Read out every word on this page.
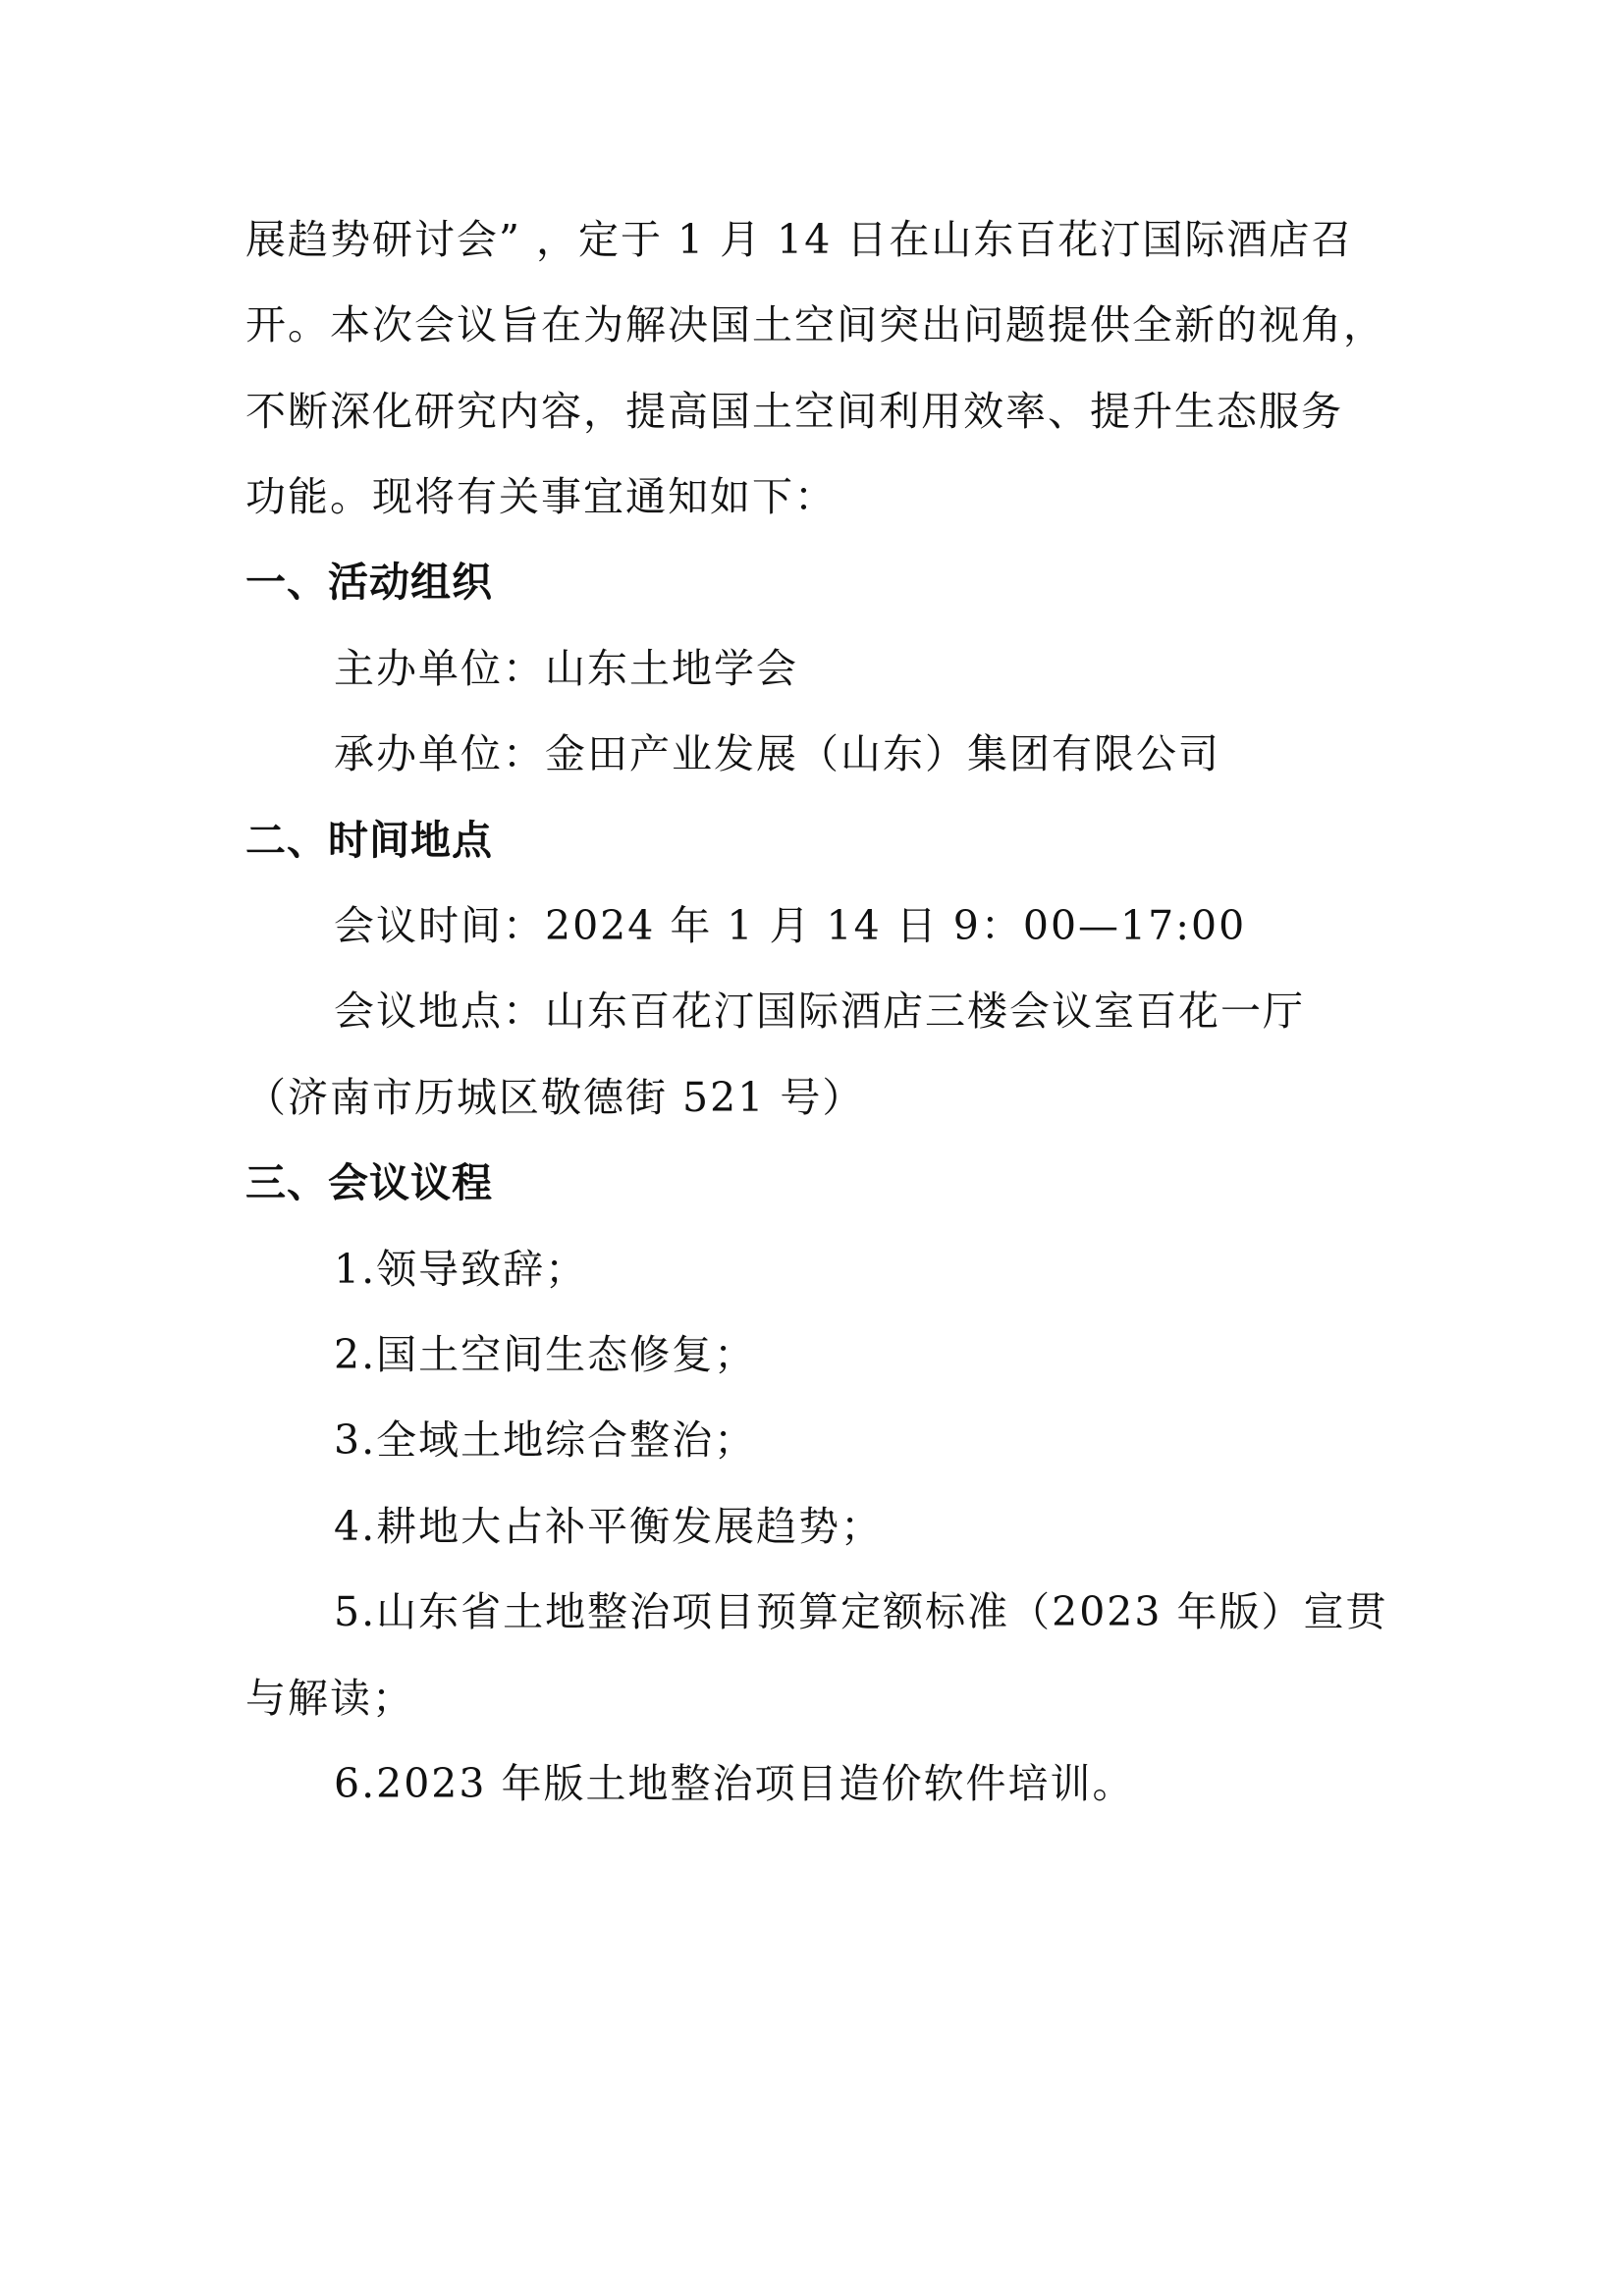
展趋势研讨会” ，定于 1 月 14 日在山东百花汀国际酒店召
开。本次会议旨在为解决国土空间突出问题提供全新的视角，
不断深化研究内容，提高国土空间利用效率、提升生态服务
功能。现将有关事宜通知如下：
一、活动组织
主办单位：山东土地学会
承办单位：金田产业发展（山东）集团有限公司
二、时间地点
会议时间：2024 年 1 月 14 日 9：00—17:00
会议地点：山东百花汀国际酒店三楼会议室百花一厅
（济南市历城区敬德街 521 号）
三、会议议程
1.领导致辞；
2.国土空间生态修复；
3.全域土地综合整治；
4.耕地大占补平衡发展趋势；
5.山东省土地整治项目预算定额标准（2023 年版）宣贯
与解读；
6.2023 年版土地整治项目造价软件培训。
